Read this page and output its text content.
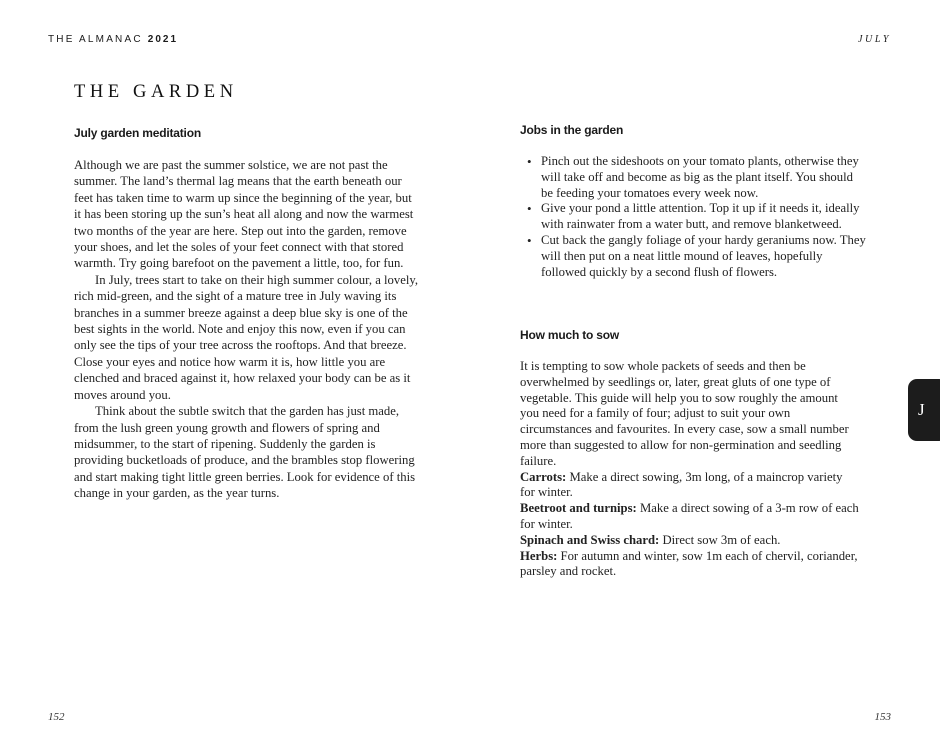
THE ALMANAC 2021	JULY
THE GARDEN
July garden meditation

Although we are past the summer solstice, we are not past the summer. The land’s thermal lag means that the earth beneath our feet has taken time to warm up since the beginning of the year, but it has been storing up the sun’s heat all along and now the warmest two months of the year are here. Step out into the garden, remove your shoes, and let the soles of your feet connect with that stored warmth. Try going barefoot on the pavement a little, too, for fun.

In July, trees start to take on their high summer colour, a lovely, rich mid-green, and the sight of a mature tree in July waving its branches in a summer breeze against a deep blue sky is one of the best sights in the world. Note and enjoy this now, even if you can only see the tips of your tree across the rooftops. And that breeze. Close your eyes and notice how warm it is, how little you are clenched and braced against it, how relaxed your body can be as it moves around you.

Think about the subtle switch that the garden has just made, from the lush green young growth and flowers of spring and midsummer, to the start of ripening. Suddenly the garden is providing bucketloads of produce, and the brambles stop flowering and start making tight little green berries. Look for evidence of this change in your garden, as the year turns.

Jobs in the garden
• Pinch out the sideshoots on your tomato plants, otherwise they will take off and become as big as the plant itself. You should be feeding your tomatoes every week now.
• Give your pond a little attention. Top it up if it needs it, ideally with rainwater from a water butt, and remove blanketweed.
• Cut back the gangly foliage of your hardy geraniums now. They will then put on a neat little mound of leaves, hopefully followed quickly by a second flush of flowers.
How much to sow

It is tempting to sow whole packets of seeds and then be overwhelmed by seedlings or, later, great gluts of one type of vegetable. This guide will help you to sow roughly the amount you need for a family of four; adjust to suit your own circumstances and favourites. In every case, sow a small number more than suggested to allow for non-germination and seedling failure.

Carrots: Make a direct sowing, 3m long, of a maincrop variety for winter.

Beetroot and turnips: Make a direct sowing of a 3-m row of each for winter.

Spinach and Swiss chard: Direct sow 3m of each.

Herbs: For autumn and winter, sow 1m each of chervil, coriander, parsley and rocket.

J
152	153
